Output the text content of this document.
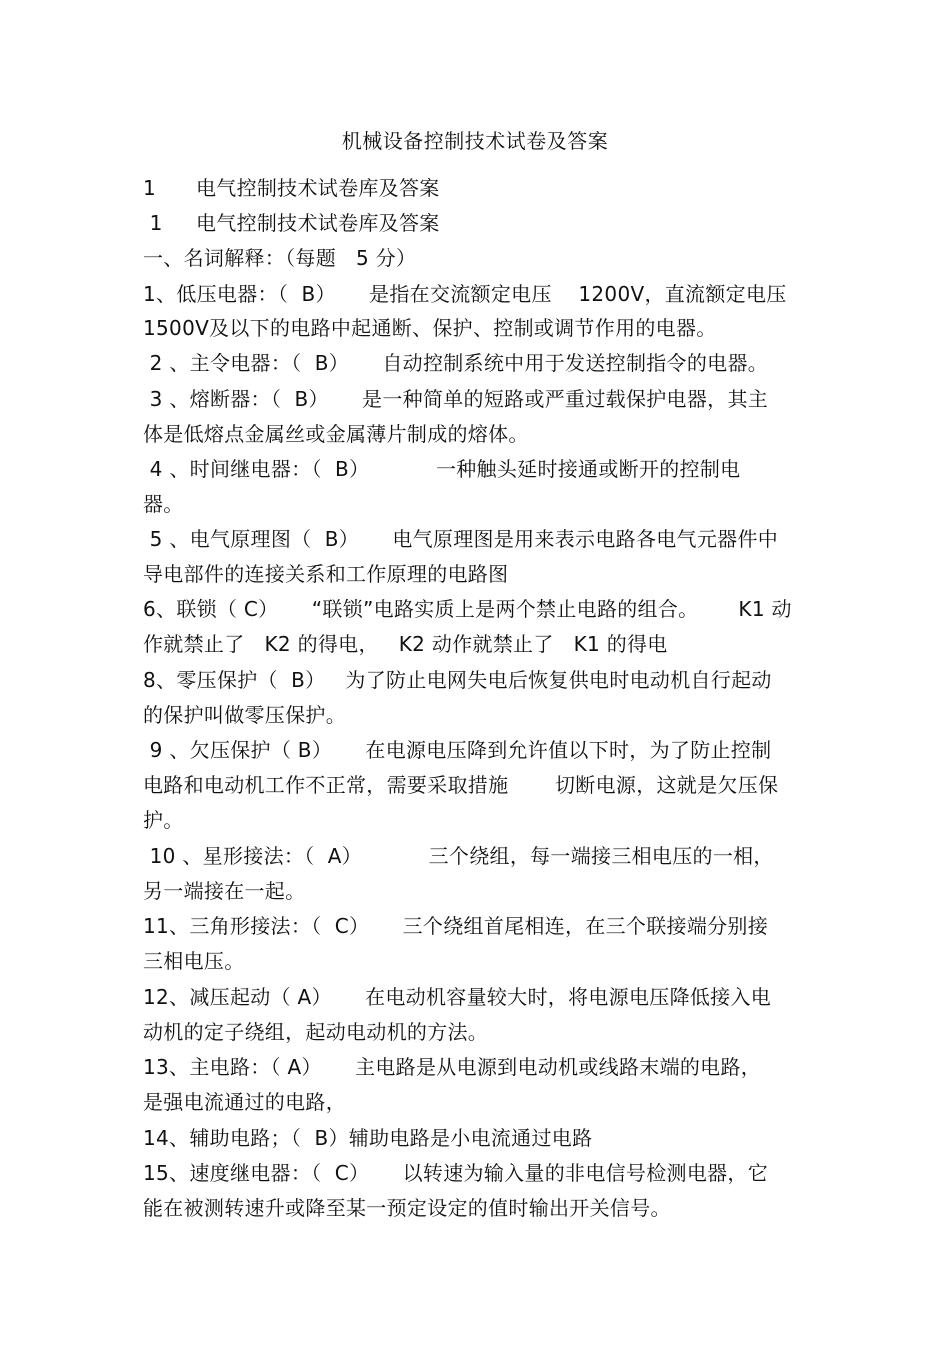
机械设备控制技术试卷及答案
1      电气控制技术试卷库及答案
1     电气控制技术试卷库及答案
一、名词解释：（每题   5 分）
1、低压电器：（  B）     是指在交流额定电压    1200V，直流额定电压
1500V及以下的电路中起通断、保护、控制或调节作用的电器。
2 、主令电器：（  B）     自动控制系统中用于发送控制指令的电器。
3 、熔断器：（  B）     是一种简单的短路或严重过载保护电器，其主
体是低熔点金属丝或金属薄片制成的熔体。
4 、时间继电器：（  B）          一种触头延时接通或断开的控制电
器。
5 、电气原理图（  B）     电气原理图是用来表示电路各电气元器件中
导电部件的连接关系和工作原理的电路图
6、联锁（ C）     “联锁”电路实质上是两个禁止电路的组合。      K1 动
作就禁止了   K2 的得电，   K2 动作就禁止了   K1 的得电
8、零压保护（  B）   为了防止电网失电后恢复供电时电动机自行起动
的保护叫做零压保护。
9 、欠压保护（ B）     在电源电压降到允许值以下时，为了防止控制
电路和电动机工作不正常，需要采取措施       切断电源，这就是欠压保
护。
10 、星形接法：（  A）          三个绕组，每一端接三相电压的一相，
另一端接在一起。
11、三角形接法：（  C）     三个绕组首尾相连，在三个联接端分别接
三相电压。
12、减压起动（ A）     在电动机容量较大时，将电源电压降低接入电
动机的定子绕组，起动电动机的方法。
13、主电路：（ A）     主电路是从电源到电动机或线路末端的电路，
是强电流通过的电路，
14、辅助电路；（  B）辅助电路是小电流通过电路
15、速度继电器：（  C）     以转速为输入量的非电信号检测电器，它
能在被测转速升或降至某一预定设定的值时输出开关信号。
